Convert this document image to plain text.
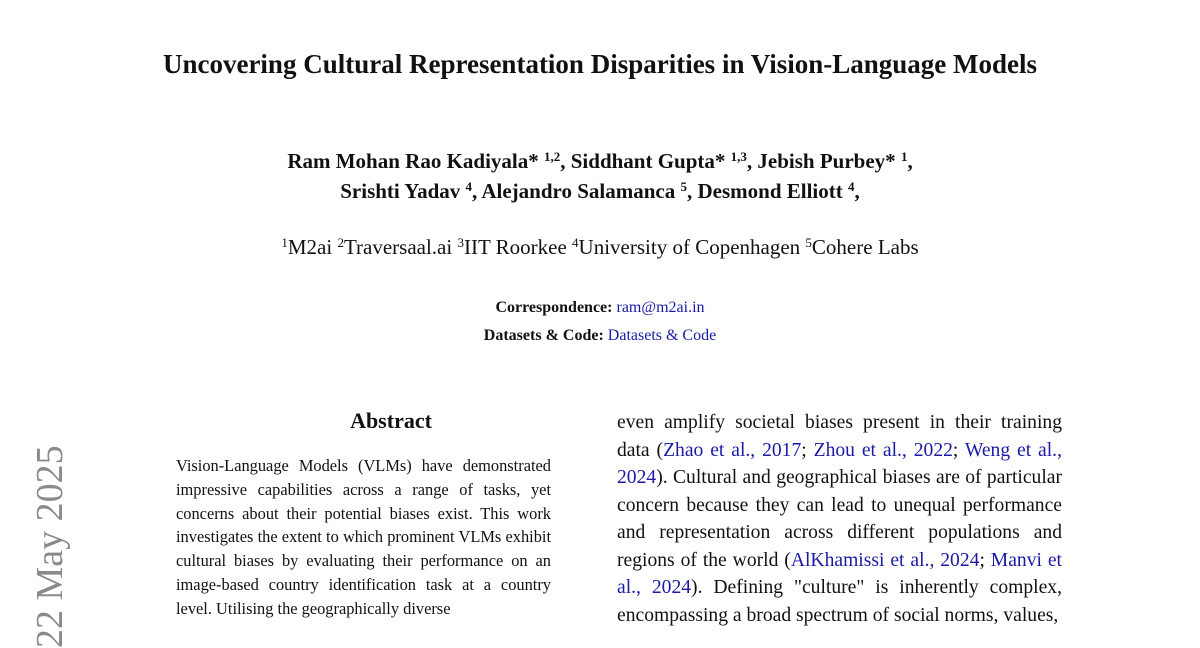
Uncovering Cultural Representation Disparities in Vision-Language Models
Ram Mohan Rao Kadiyala* $^{1,2}$, Siddhant Gupta* $^{1,3}$, Jebish Purbey* $^1$,
Srishti Yadav $^4$, Alejandro Salamanca $^5$, Desmond Elliott $^4$,
$^1$M2ai $^2$Traversaal.ai $^3$IIT Roorkee $^4$University of Copenhagen $^5$Cohere Labs
Correspondence: ram@m2ai.in
Datasets & Code: Datasets & Code
22 May 2025
Abstract
Vision-Language Models (VLMs) have demonstrated impressive capabilities across a range of tasks, yet concerns about their potential biases exist. This work investigates the extent to which prominent VLMs exhibit cultural biases by evaluating their performance on an image-based country identification task at a country level. Utilising the geographically diverse
even amplify societal biases present in their training data (Zhao et al., 2017; Zhou et al., 2022; Weng et al., 2024). Cultural and geographical biases are of particular concern because they can lead to unequal performance and representation across different populations and regions of the world (AlKhamissi et al., 2024; Manvi et al., 2024). Defining "culture" is inherently complex, encompassing a broad spectrum of social norms, values,
